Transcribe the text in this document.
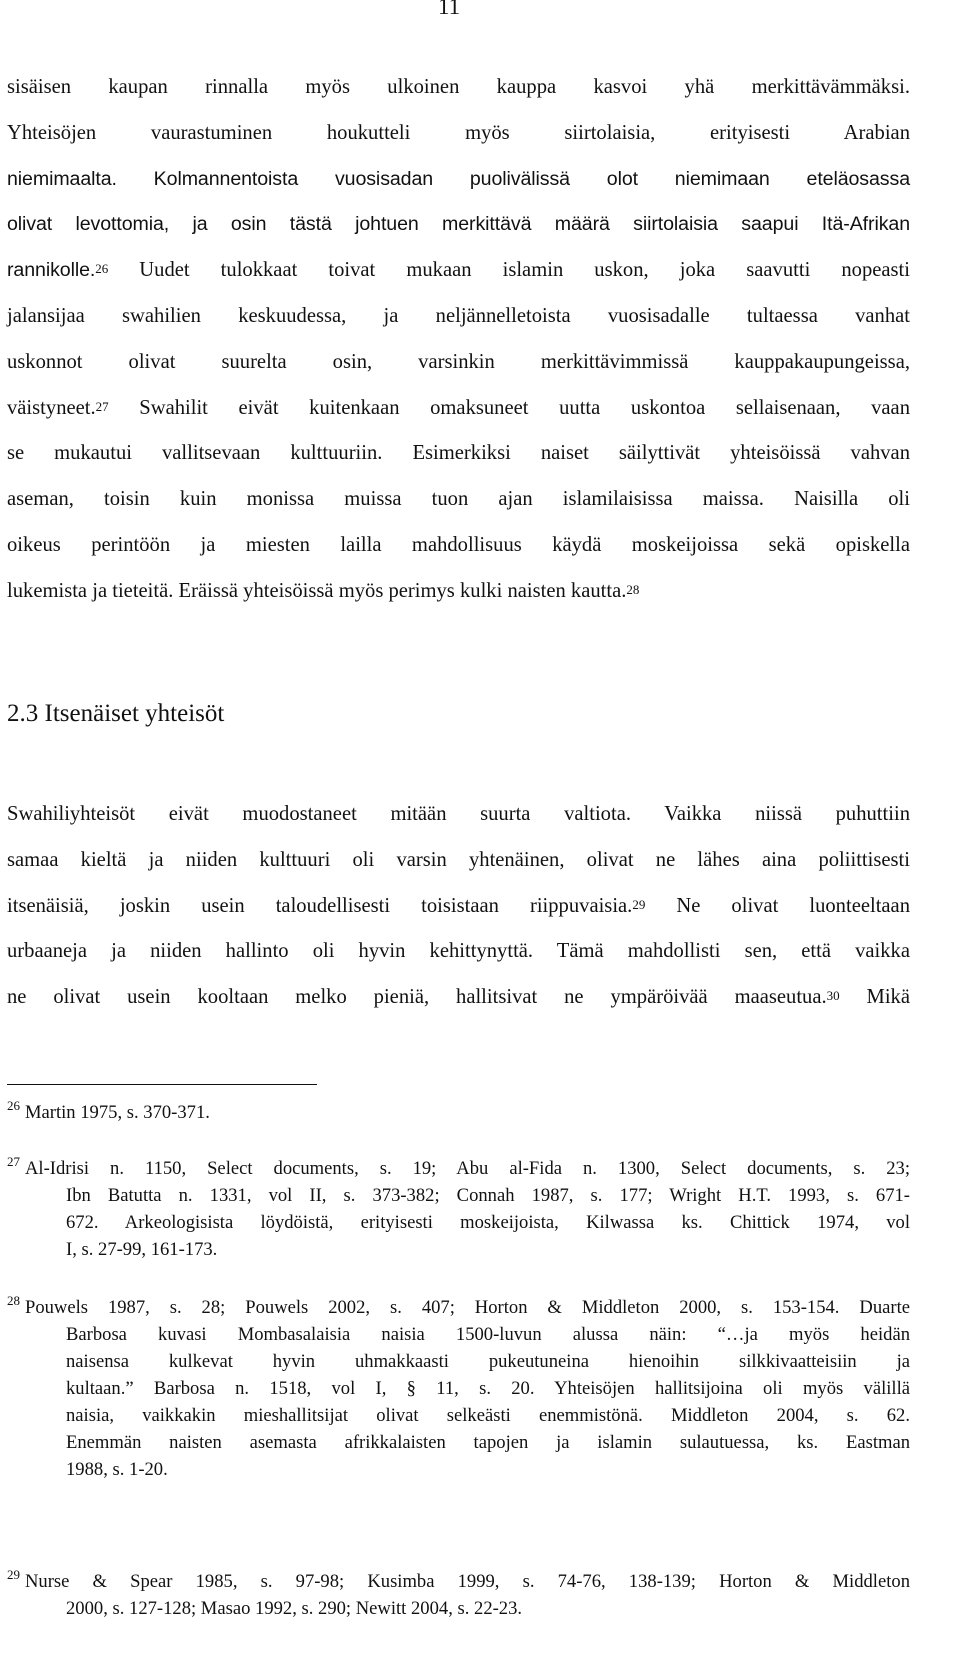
11
sisäisen kaupan rinnalla myös ulkoinen kauppa kasvoi yhä merkittävämmäksi.
Yhteisöjen vaurastuminen houkutteli myös siirtolaisia, erityisesti Arabian
niemimaalta. Kolmannentoista vuosisadan puolivälissä olot niemimaan eteläosassa
olivat levottomia, ja osin tästä johtuen merkittävä määrä siirtolaisia saapui Itä-Afrikan
rannikolle.$^{26}$ Uudet tulokkaat toivat mukaan islamin uskon, joka saavutti nopeasti
jalansijaa swahilien keskuudessa, ja neljännelletoista vuosisadalle tultaessa vanhat
uskonnot olivat suurelta osin, varsinkin merkittävimmissä kauppakaupungeissa,
väistyneet.$^{27}$ Swahilit eivät kuitenkaan omaksuneet uutta uskontoa sellaisenaan, vaan
se mukautui vallitsevaan kulttuuriin. Esimerkiksi naiset säilyttivät yhteisöissä vahvan
aseman, toisin kuin monissa muissa tuon ajan islamilaisissa maissa. Naisilla oli
oikeus perintöön ja miesten lailla mahdollisuus käydä moskeijoissa sekä opiskella
lukemista ja tieteitä. Eräissä yhteisöissä myös perimys kulki naisten kautta.$^{28}$
2.3 Itsenäiset yhteisöt
Swahiliyhteisöt eivät muodostaneet mitään suurta valtiota. Vaikka niissä puhuttiin
samaa kieltä ja niiden kulttuuri oli varsin yhtenäinen, olivat ne lähes aina poliittisesti
itsenäisiä, joskin usein taloudellisesti toisistaan riippuvaisia.$^{29}$ Ne olivat luonteeltaan
urbaaneja ja niiden hallinto oli hyvin kehittynyttä. Tämä mahdollisti sen, että vaikka
ne olivat usein kooltaan melko pieniä, hallitsivat ne ympäröivää maaseutua.$^{30}$ Mikä
26 Martin 1975, s. 370-371.
27 Al-Idrisi n. 1150, Select documents, s. 19; Abu al-Fida n. 1300, Select documents, s. 23;
Ibn Batutta n. 1331, vol II, s. 373-382; Connah 1987, s. 177; Wright H.T. 1993, s. 671-
672. Arkeologisista löydöistä, erityisesti moskeijoista, Kilwassa ks. Chittick 1974, vol
I, s. 27-99, 161-173.
28 Pouwels 1987, s. 28; Pouwels 2002, s. 407; Horton & Middleton 2000, s. 153-154. Duarte
Barbosa kuvasi Mombasalaisia naisia 1500-luvun alussa näin: “…ja myös heidän
naisensa kulkevat hyvin uhmakkaasti pukeutuneina hienoihin silkkivaatteisiin ja
kultaan.” Barbosa n. 1518, vol I, § 11, s. 20. Yhteisöjen hallitsijoina oli myös välillä
naisia, vaikkakin mieshallitsijat olivat selkeästi enemmistönä. Middleton 2004, s. 62.
Enemmän naisten asemasta afrikkalaisten tapojen ja islamin sulautuessa, ks. Eastman
1988, s. 1-20.
29 Nurse & Spear 1985, s. 97-98; Kusimba 1999, s. 74-76, 138-139; Horton & Middleton
2000, s. 127-128; Masao 1992, s. 290; Newitt 2004, s. 22-23.
